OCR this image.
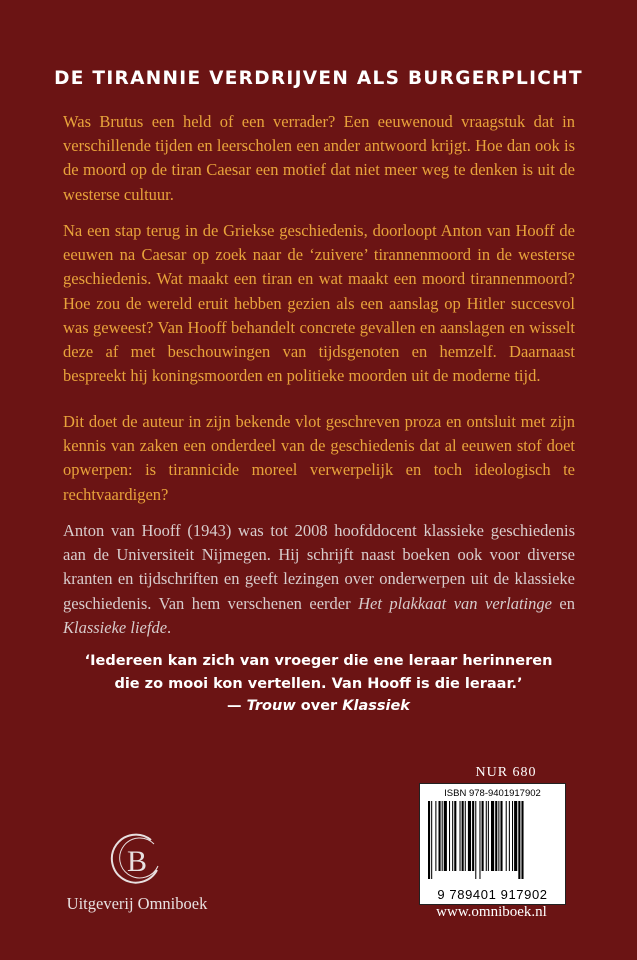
DE TIRANNIE VERDRIJVEN ALS BURGERPLICHT
Was Brutus een held of een verrader? Een eeuwenoud vraagstuk dat in verschillende tijden en leerscholen een ander antwoord krijgt. Hoe dan ook is de moord op de tiran Caesar een motief dat niet meer weg te denken is uit de westerse cultuur.
Na een stap terug in de Griekse geschiedenis, doorloopt Anton van Hooff de eeuwen na Caesar op zoek naar de ‘zuivere’ tirannenmoord in de westerse geschiedenis. Wat maakt een tiran en wat maakt een moord tirannenmoord? Hoe zou de wereld eruit hebben gezien als een aanslag op Hitler succesvol was geweest? Van Hooff behandelt concrete gevallen en aanslagen en wisselt deze af met beschouwingen van tijdsgenoten en hemzelf. Daarnaast bespreekt hij koningsmoorden en politieke moorden uit de moderne tijd.
Dit doet de auteur in zijn bekende vlot geschreven proza en ontsluit met zijn kennis van zaken een onderdeel van de geschiedenis dat al eeuwen stof doet opwerpen: is tirannicide moreel verwerpelijk en toch ideologisch te rechtvaardigen?
Anton van Hooff (1943) was tot 2008 hoofddocent klassieke geschiedenis aan de Universiteit Nijmegen. Hij schrijft naast boeken ook voor diverse kranten en tijdschriften en geeft lezingen over onderwerpen uit de klassieke geschiedenis. Van hem verschenen eerder Het plakkaat van verlatinge en Klassieke liefde.
‘Iedereen kan zich van vroeger die ene leraar herinneren
die zo mooi kon vertellen. Van Hooff is die leraar.’
— Trouw over Klassiek
B
Uitgeverij Omniboek
NUR 680
ISBN 978-9401917902
9 789401 917902
www.omniboek.nl
